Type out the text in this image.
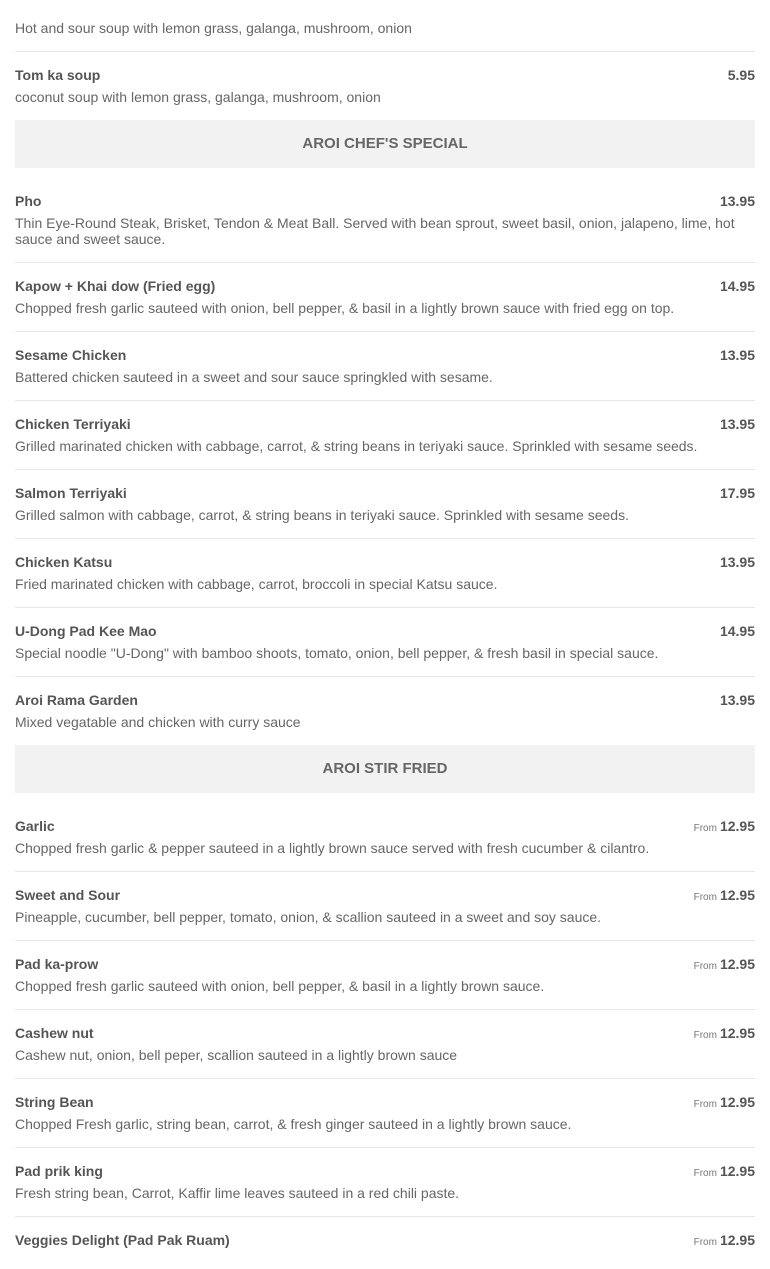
Hot and sour soup with lemon grass, galanga, mushroom, onion
Tom ka soup	5.95
coconut soup with lemon grass, galanga, mushroom, onion
AROI CHEF'S SPECIAL
Pho	13.95
Thin Eye-Round Steak, Brisket, Tendon & Meat Ball. Served with bean sprout, sweet basil, onion, jalapeno, lime, hot sauce and sweet sauce.
Kapow + Khai dow (Fried egg)	14.95
Chopped fresh garlic sauteed with onion, bell pepper, & basil in a lightly brown sauce with fried egg on top.
Sesame Chicken	13.95
Battered chicken sauteed in a sweet and sour sauce springkled with sesame.
Chicken Terriyaki	13.95
Grilled marinated chicken with cabbage, carrot, & string beans in teriyaki sauce. Sprinkled with sesame seeds.
Salmon Terriyaki	17.95
Grilled salmon with cabbage, carrot, & string beans in teriyaki sauce. Sprinkled with sesame seeds.
Chicken Katsu	13.95
Fried marinated chicken with cabbage, carrot, broccoli in special Katsu sauce.
U-Dong Pad Kee Mao	14.95
Special noodle "U-Dong" with bamboo shoots, tomato, onion, bell pepper, & fresh basil in special sauce.
Aroi Rama Garden	13.95
Mixed vegatable and chicken with curry sauce
AROI STIR FRIED
Garlic	From 12.95
Chopped fresh garlic & pepper sauteed in a lightly brown sauce served with fresh cucumber & cilantro.
Sweet and Sour	From 12.95
Pineapple, cucumber, bell pepper, tomato, onion, & scallion sauteed in a sweet and soy sauce.
Pad ka-prow	From 12.95
Chopped fresh garlic sauteed with onion, bell pepper, & basil in a lightly brown sauce.
Cashew nut	From 12.95
Cashew nut, onion, bell peper, scallion sauteed in a lightly brown sauce
String Bean	From 12.95
Chopped Fresh garlic, string bean, carrot, & fresh ginger sauteed in a lightly brown sauce.
Pad prik king	From 12.95
Fresh string bean, Carrot, Kaffir lime leaves sauteed in a red chili paste.
Veggies Delight (Pad Pak Ruam)	From 12.95
